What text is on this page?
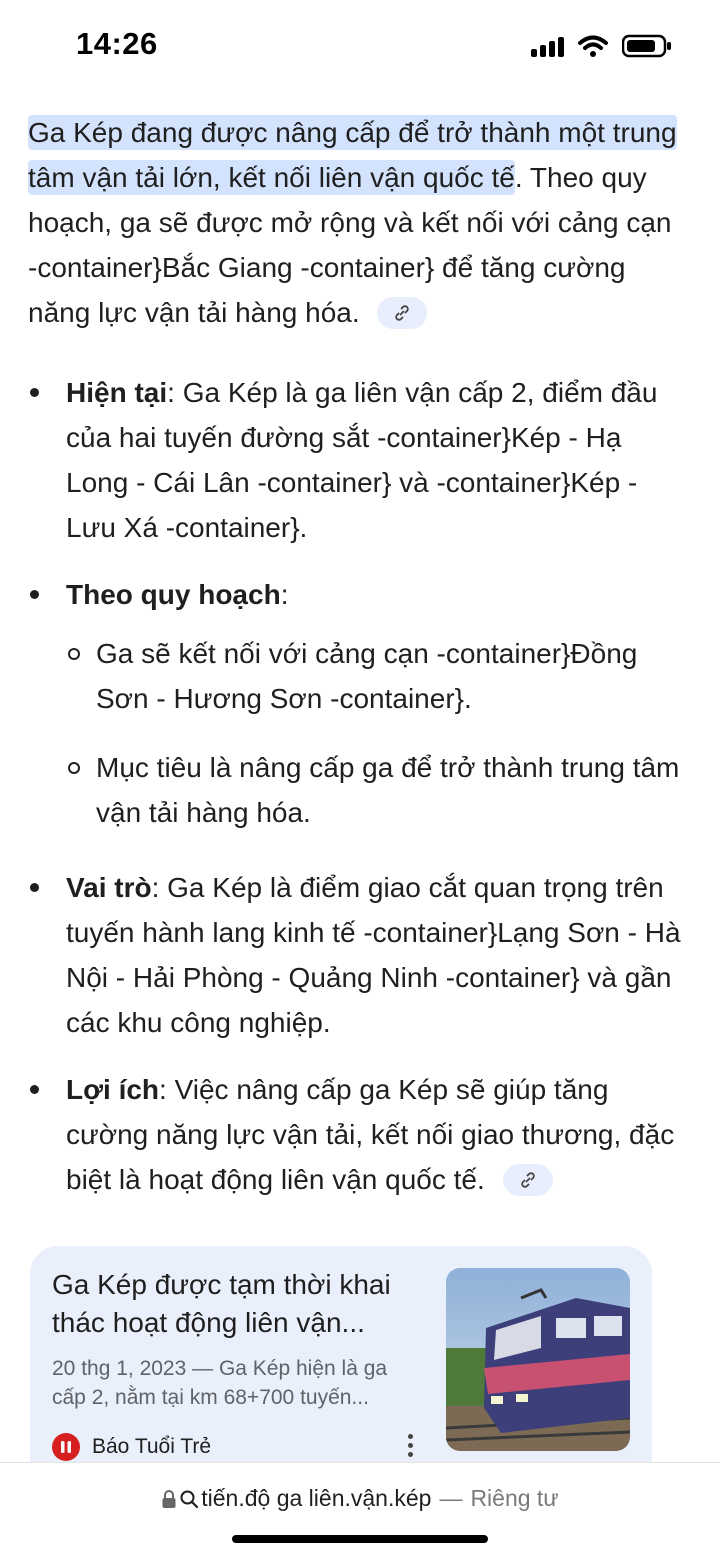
14:26

Ga Kép đang được nâng cấp để trở thành một trung tâm vận tải lớn, kết nối liên vận quốc tế. Theo quy hoạch, ga sẽ được mở rộng và kết nối với cảng cạn -container}Bắc Giang -container} để tăng cường năng lực vận tải hàng hóa.

Hiện tại: Ga Kép là ga liên vận cấp 2, điểm đầu của hai tuyến đường sắt -container}Kép - Hạ Long - Cái Lân -container} và -container}Kép - Lưu Xá -container}.
Theo quy hoạch:
Ga sẽ kết nối với cảng cạn -container}Đồng Sơn - Hương Sơn -container}.
Mục tiêu là nâng cấp ga để trở thành trung tâm vận tải hàng hóa.
Vai trò: Ga Kép là điểm giao cắt quan trọng trên tuyến hành lang kinh tế -container}Lạng Sơn - Hà Nội - Hải Phòng - Quảng Ninh -container} và gần các khu công nghiệp.
Lợi ích: Việc nâng cấp ga Kép sẽ giúp tăng cường năng lực vận tải, kết nối giao thương, đặc biệt là hoạt động liên vận quốc tế.
Ga Kép được tạm thời khai thác hoạt động liên vận...
20 thg 1, 2023 — Ga Kép hiện là ga cấp 2, nằm tại km 68+700 tuyến...
Báo Tuổi Trẻ
tiến.độ ga liên.vận.kép — Riêng tư
